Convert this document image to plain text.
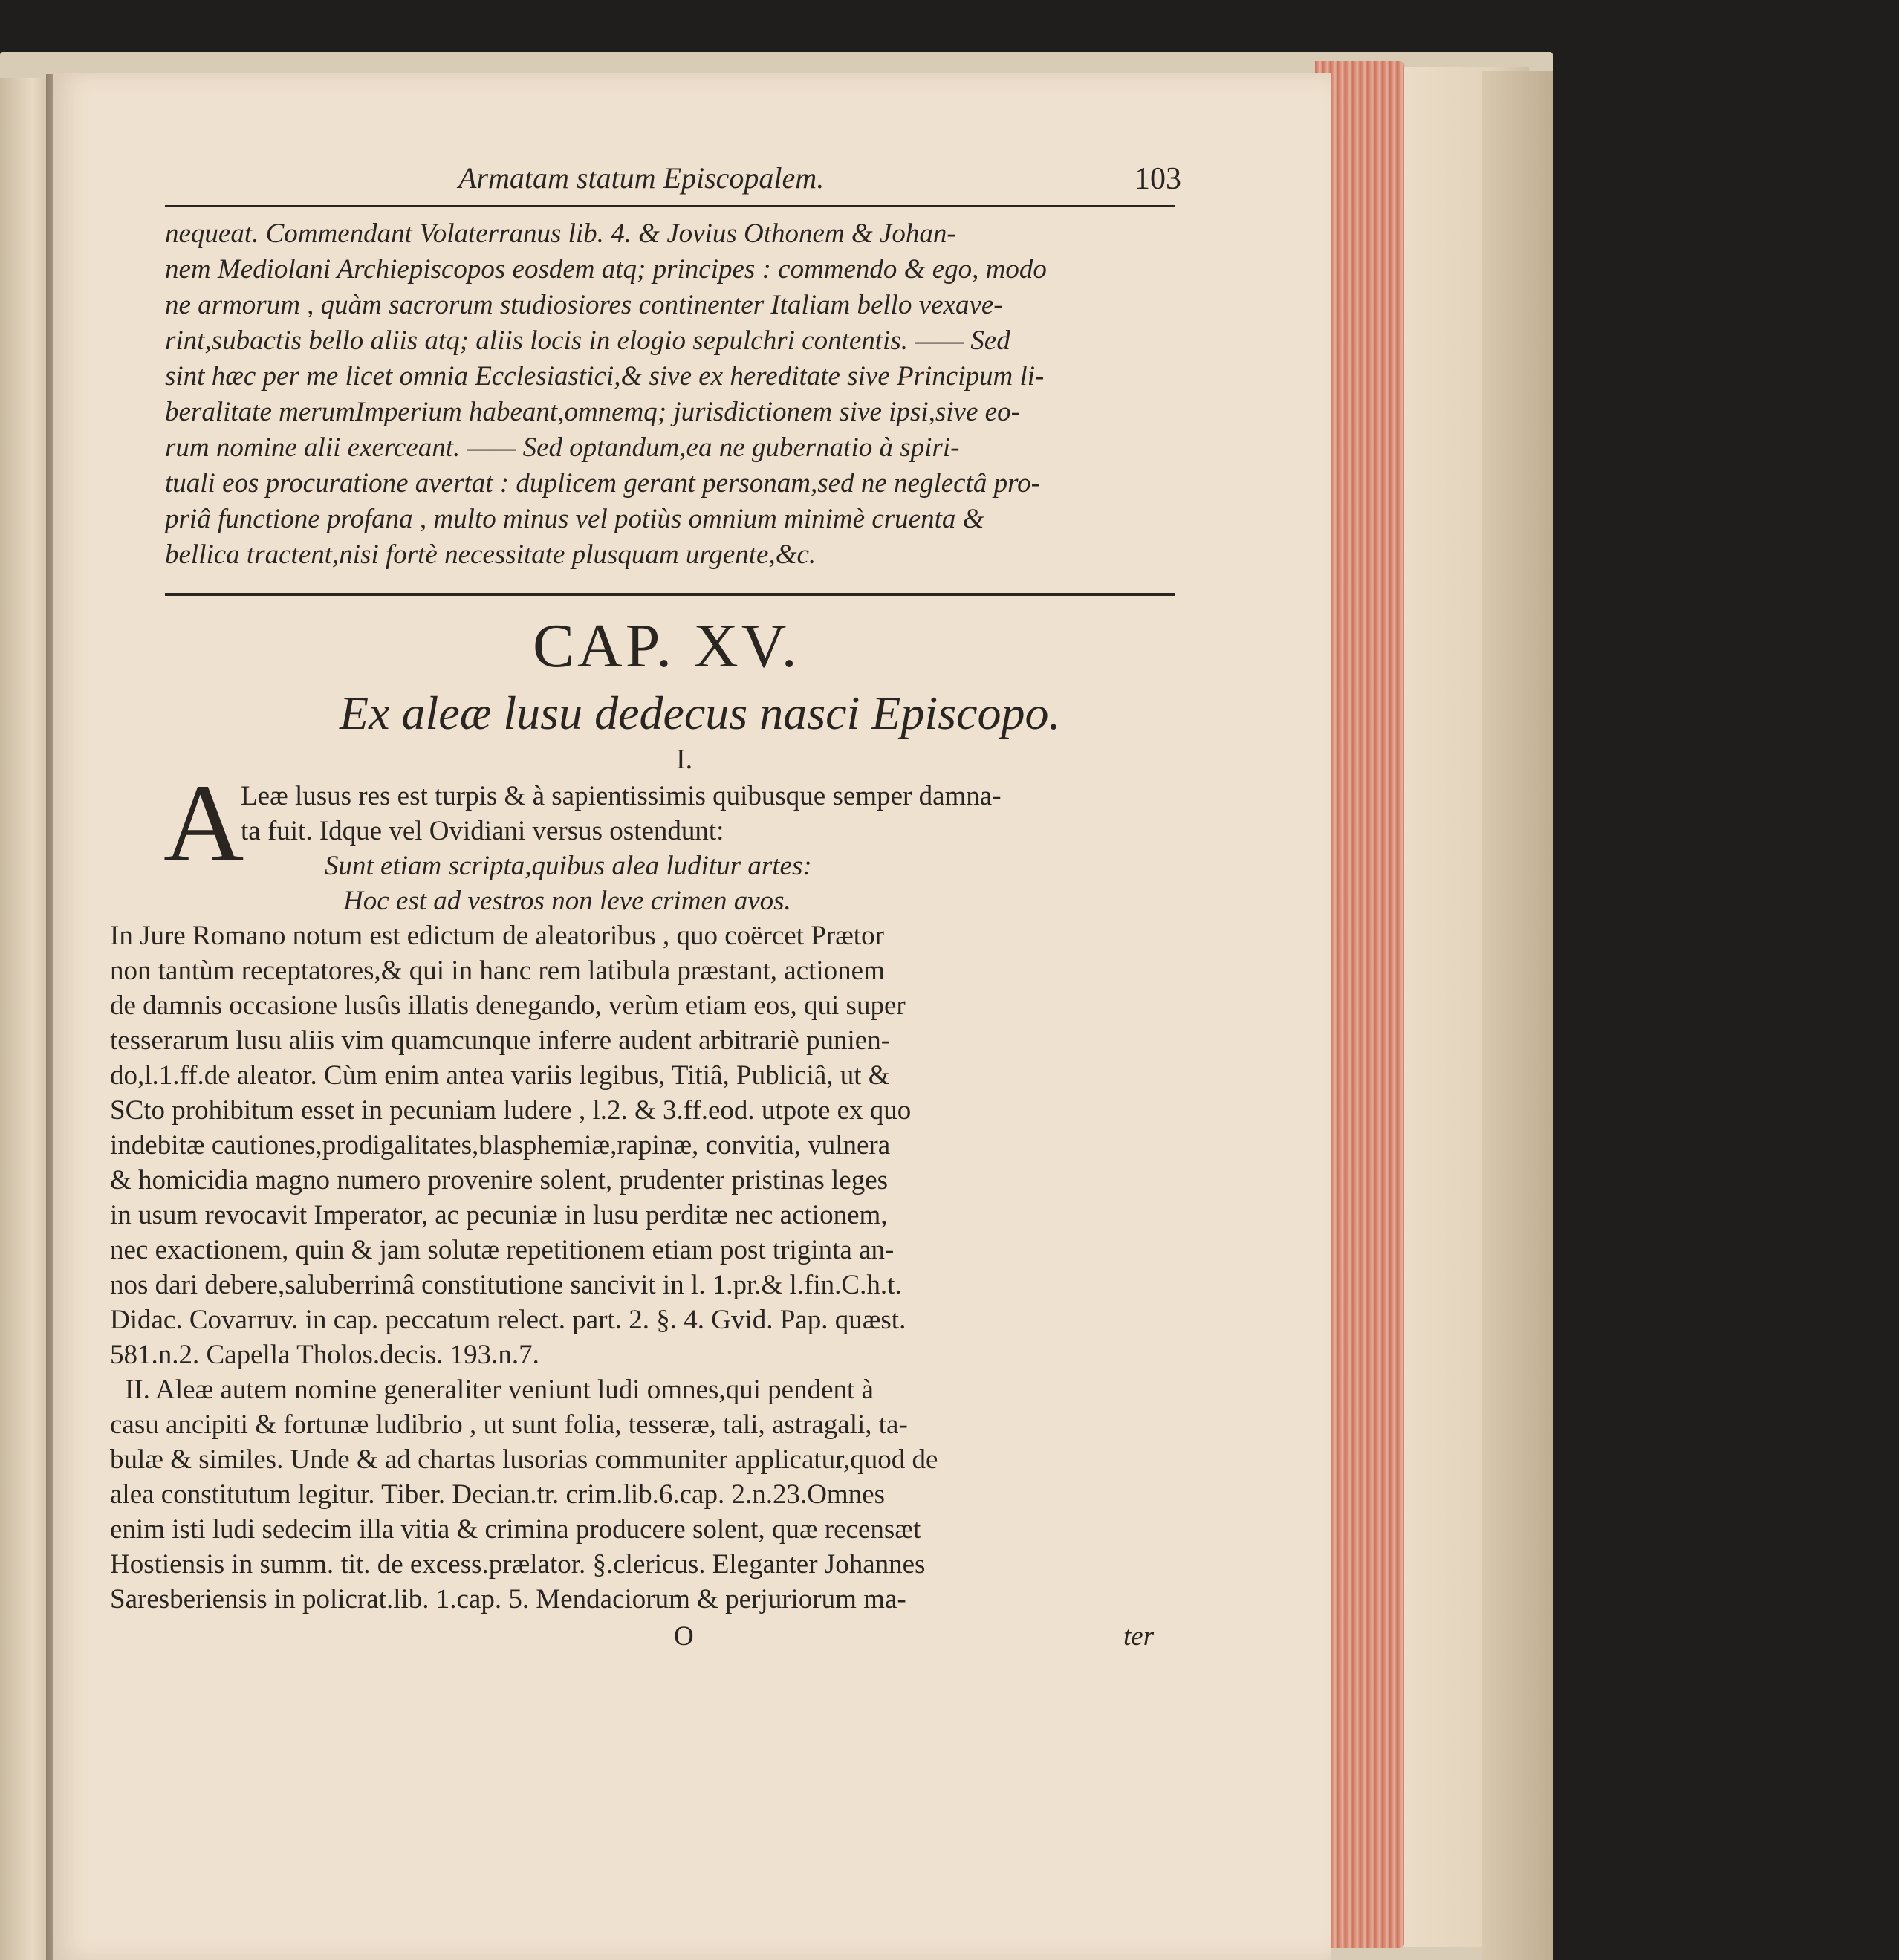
Armatam statum Episcopalem.	103
nequeat. Commendant Volaterranus lib. 4. & Jovius Othonem & Johan-
nem Mediolani Archiepiscopos eosdem atq; principes : commendo & ego, modo
ne armorum , quàm sacrorum studiosiores continenter Italiam bello vexave-
rint,subactis bello aliis atq; aliis locis in elogio sepulchri contentis. —— Sed
sint hæc per me licet omnia Ecclesiastici,& sive ex hereditate sive Principum li-
beralitate merumImperium habeant,omnemq; jurisdictionem sive ipsi,sive eo-
rum nomine alii exerceant. —— Sed optandum,ea ne gubernatio à spiri-
tuali eos procuratione avertat : duplicem gerant personam,sed ne neglectâ pro-
priâ functione profana , multo minus vel potiùs omnium minimè cruenta &
bellica tractent,nisi fortè necessitate plusquam urgente,&c.
CAP. XV.
Ex aleæ lusu dedecus nasci Episcopo.
I.
A
Leæ lusus res est turpis & à sapientissimis quibusque semper damna-
ta fuit. Idque vel Ovidiani versus ostendunt:
Sunt etiam scripta,quibus alea luditur artes:
Hoc est ad vestros non leve crimen avos.
In Jure Romano notum est edictum de aleatoribus , quo coërcet Prætor
non tantùm receptatores,& qui in hanc rem latibula præstant, actionem
de damnis occasione lusûs illatis denegando, verùm etiam eos, qui super
tesserarum lusu aliis vim quamcunque inferre audent arbitrariè punien-
do,l.1.ff.de aleator. Cùm enim antea variis legibus, Titiâ, Publiciâ, ut &
SCto prohibitum esset in pecuniam ludere , l.2. & 3.ff.eod. utpote ex quo
indebitæ cautiones,prodigalitates,blasphemiæ,rapinæ, convitia, vulnera
& homicidia magno numero provenire solent, prudenter pristinas leges
in usum revocavit Imperator, ac pecuniæ in lusu perditæ nec actionem,
nec exactionem, quin & jam solutæ repetitionem etiam post triginta an-
nos dari debere,saluberrimâ constitutione sancivit in l. 1.pr.& l.fin.C.h.t.
Didac. Covarruv. in cap. peccatum relect. part. 2. §. 4. Gvid. Pap. quæst.
581.n.2. Capella Tholos.decis. 193.n.7.
II. Aleæ autem nomine generaliter veniunt ludi omnes,qui pendent à
casu ancipiti & fortunæ ludibrio , ut sunt folia, tesseræ, tali, astragali, ta-
bulæ & similes. Unde & ad chartas lusorias communiter applicatur,quod de
alea constitutum legitur. Tiber. Decian.tr. crim.lib.6.cap. 2.n.23.Omnes
enim isti ludi sedecim illa vitia & crimina producere solent, quæ recensæt
Hostiensis in summ. tit. de excess.prælator. §.clericus. Eleganter Johannes
Saresberiensis in policrat.lib. 1.cap. 5. Mendaciorum & perjuriorum ma-
O	ter
